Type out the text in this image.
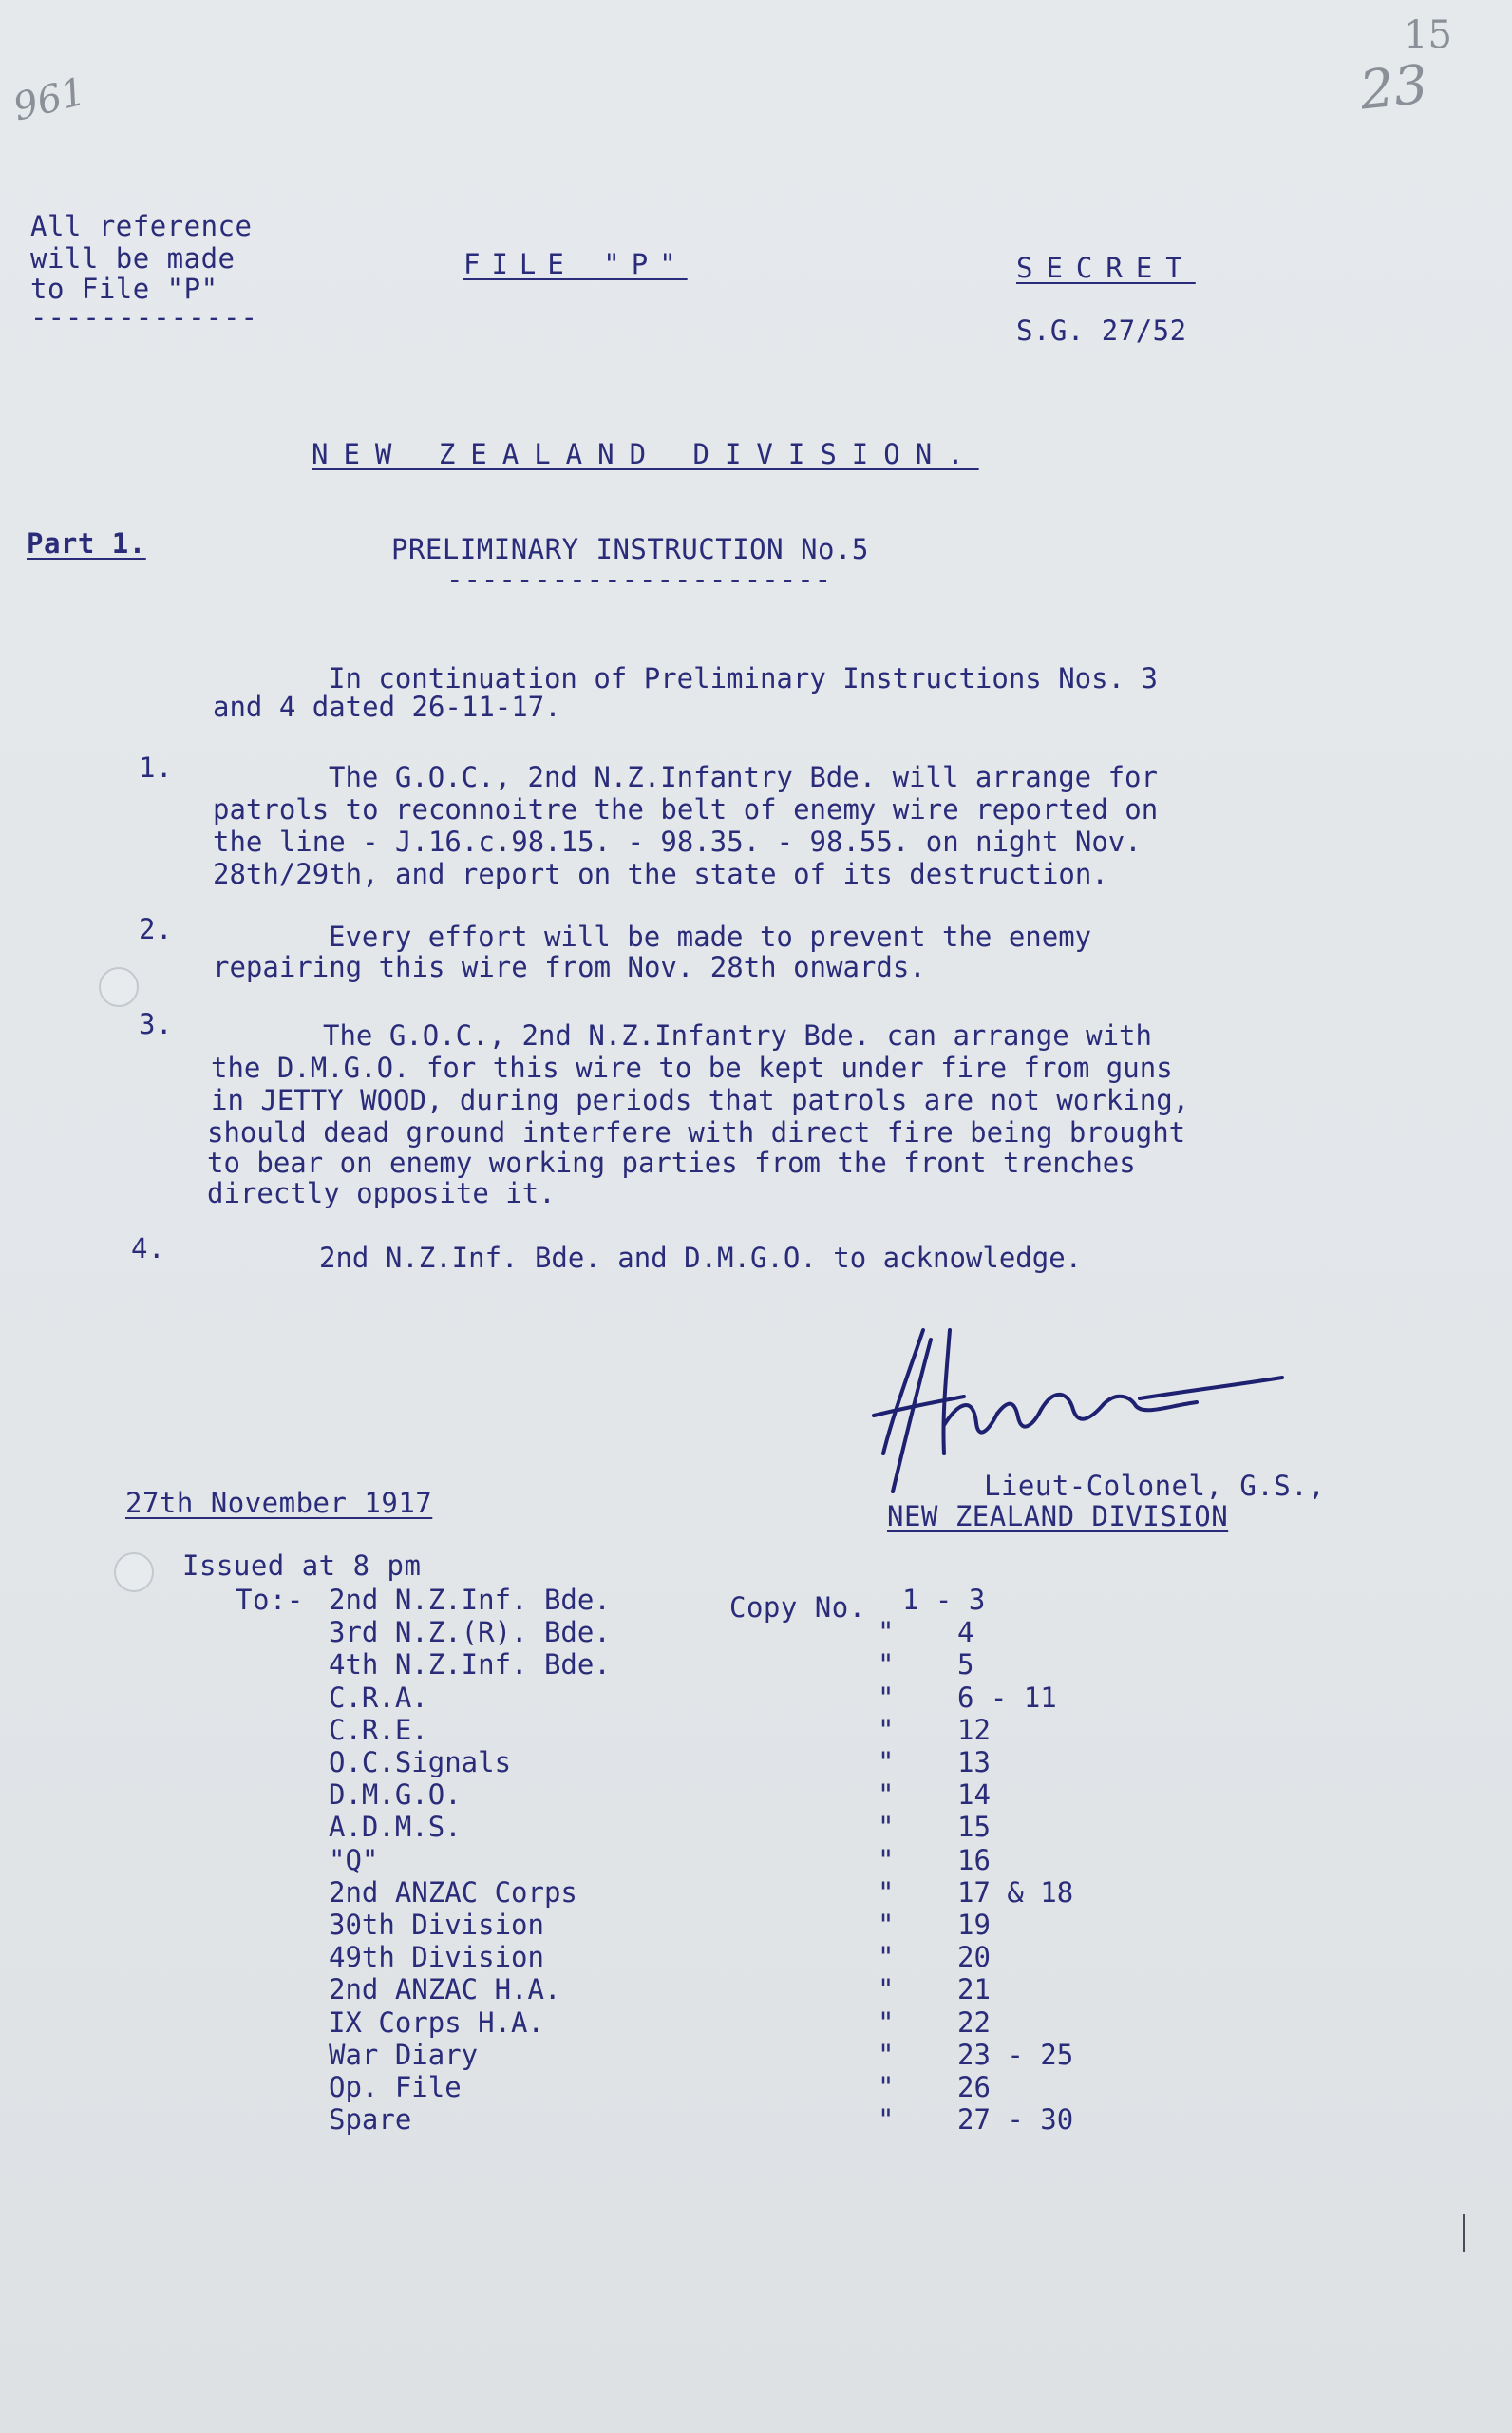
961
15
23
All reference
will be made
to File "P"
-------------
FILE "P"	SECRET
S.G. 27/52
NEW ZEALAND DIVISION.
Part 1.	PRELIMINARY INSTRUCTION No.5
----------------------
In continuation of Preliminary Instructions Nos. 3
and 4 dated 26-11-17.
1.	The G.O.C., 2nd N.Z.Infantry Bde. will arrange for
patrols to reconnoitre the belt of enemy wire reported on
the line - J.16.c.98.15. - 98.35. - 98.55. on night Nov.
28th/29th, and report on the state of its destruction.
2.	Every effort will be made to prevent the enemy
repairing this wire from Nov. 28th onwards.
3.	The G.O.C., 2nd N.Z.Infantry Bde. can arrange with
the D.M.G.O. for this wire to be kept under fire from guns
in JETTY WOOD, during periods that patrols are not working,
should dead ground interfere with direct fire being brought
to bear on enemy working parties from the front trenches
directly opposite it.
4.	2nd N.Z.Inf. Bde. and D.M.G.O. to acknowledge.
Lieut-Colonel, G.S.,
NEW ZEALAND DIVISION
27th November 1917
Issued at 8 pm
To:-	Copy No.
2nd N.Z.Inf. Bde.	1 - 3
3rd N.Z.(R). Bde.	" 4
4th N.Z.Inf. Bde.	" 5
C.R.A.	" 6 - 11
C.R.E.	" 12
O.C.Signals	" 13
D.M.G.O.	" 14
A.D.M.S.	" 15
"Q"	" 16
2nd ANZAC Corps	" 17 & 18
30th Division	" 19
49th Division	" 20
2nd ANZAC H.A.	" 21
IX Corps H.A.	" 22
War Diary	" 23 - 25
Op. File	" 26
Spare	" 27 - 30
